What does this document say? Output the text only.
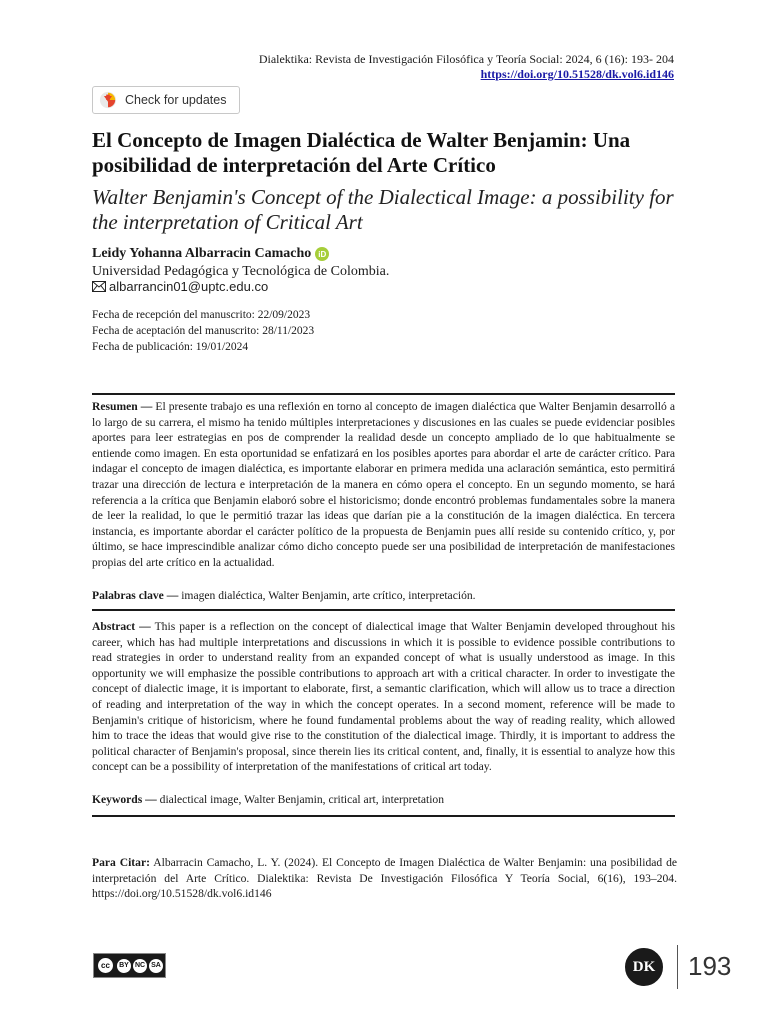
Dialektika: Revista de Investigación Filosófica y Teoría Social: 2024, 6 (16): 193- 204
https://doi.org/10.51528/dk.vol6.id146
Check for updates
El Concepto de Imagen Dialéctica de Walter Benjamin: Una posibilidad de interpretación del Arte Crítico
Walter Benjamin's Concept of the Dialectical Image: a possibility for the interpretation of Critical Art
Leidy Yohanna Albarracin Camacho iD
Universidad Pedagógica y Tecnológica de Colombia.
albarrancin01@uptc.edu.co
Fecha de recepción del manuscrito: 22/09/2023
Fecha de aceptación del manuscrito: 28/11/2023
Fecha de publicación: 19/01/2024

Resumen — El presente trabajo es una reflexión en torno al concepto de imagen dialéctica que Walter Benjamin desarrolló a lo largo de su carrera, el mismo ha tenido múltiples interpretaciones y discusiones en las cuales se puede evidenciar posibles aportes para leer estrategias en pos de comprender la realidad desde un concepto ampliado de lo que habitualmente se entiende como imagen. En esta oportunidad se enfatizará en los posibles aportes para abordar el arte de carácter crítico. Para indagar el concepto de imagen dialéctica, es importante elaborar en primera medida una aclaración semántica, esto permitirá trazar una dirección de lectura e interpretación de la manera en cómo opera el concepto. En un segundo momento, se hará referencia a la crítica que Benjamin elaboró sobre el historicismo; donde encontró problemas fundamentales sobre la manera de leer la realidad, lo que le permitió trazar las ideas que darían pie a la constitución de la imagen dialéctica. En tercera instancia, es importante abordar el carácter político de la propuesta de Benjamin pues allí reside su contenido crítico, y, por último, se hace imprescindible analizar cómo dicho concepto puede ser una posibilidad de interpretación de manifestaciones propias del arte crítico en la actualidad.

Palabras clave — imagen dialéctica, Walter Benjamin, arte crítico, interpretación.

Abstract — This paper is a reflection on the concept of dialectical image that Walter Benjamin developed throughout his career, which has had multiple interpretations and discussions in which it is possible to evidence possible contributions to read strategies in order to understand reality from an expanded concept of what is usually understood as image. In this opportunity we will emphasize the possible contributions to approach art with a critical character. In order to investigate the concept of dialectic image, it is important to elaborate, first, a semantic clarification, which will allow us to trace a direction of reading and interpretation of the way in which the concept operates. In a second moment, reference will be made to Benjamin's critique of historicism, where he found fundamental problems about the way of reading reality, which allowed him to trace the ideas that would give rise to the constitution of the dialectical image. Thirdly, it is important to address the political character of Benjamin's proposal, since therein lies its critical content, and, finally, it is essential to analyze how this concept can be a possibility of interpretation of the manifestations of critical art today.

Keywords — dialectical image, Walter Benjamin, critical art, interpretation

Para Citar: Albarracin Camacho, L. Y. (2024). El Concepto de Imagen Dialéctica de Walter Benjamin: una posibilidad de interpretación del Arte Crítico. Dialektika: Revista De Investigación Filosófica Y Teoría Social, 6(16), 193–204. https://doi.org/10.51528/dk.vol6.id146

cc	BY NC SA	DK 193
